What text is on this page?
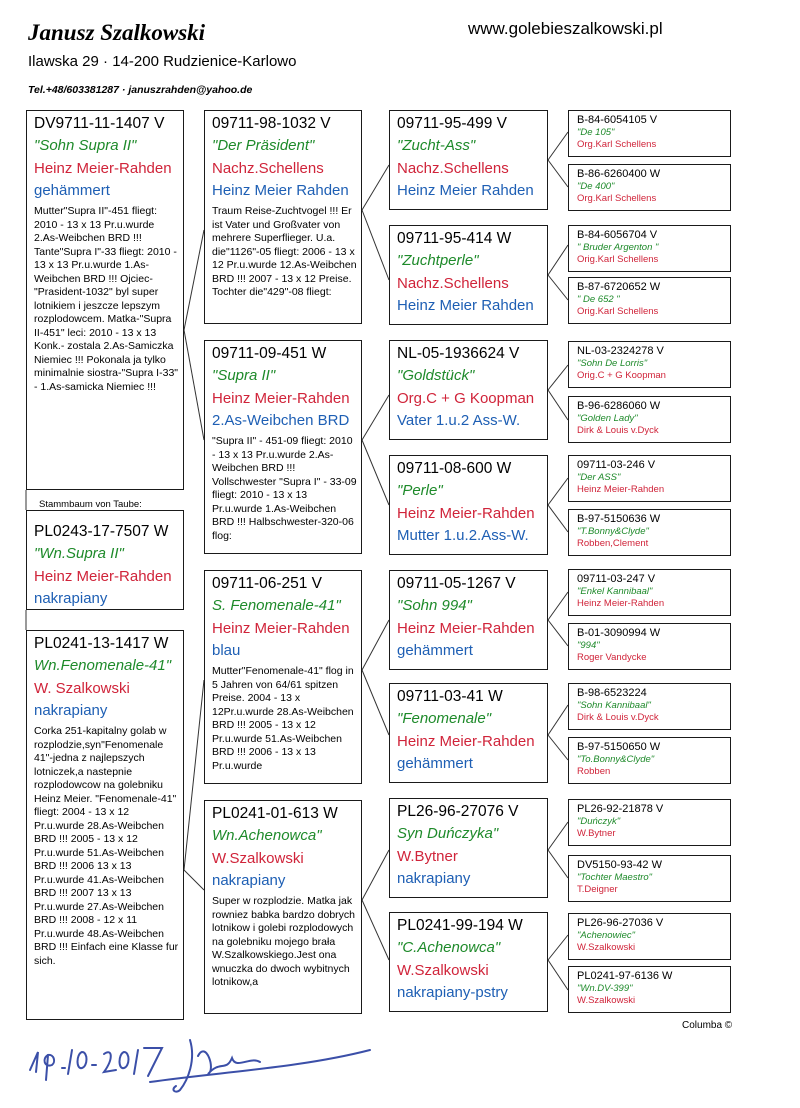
Janusz Szalkowski	www.golebieszalkowski.pl
Ilawska 29 · 14-200 Rudzienice-Karlowo
Tel.+48/603381287 · januszrahden@yahoo.de
DV9711-11-1407 V
"Sohn Supra II"
Heinz Meier-Rahden
gehämmert
Mutter"Supra II"-451 fliegt: 2010 - 13 x 13 Pr.u.wurde 2.As-Weibchen BRD !!! Tante"Supra I"-33 fliegt: 2010 - 13 x 13 Pr.u.wurde 1.As-Weibchen BRD !!! Ojciec-"Prasident-1032" byl super lotnikiem i jeszcze lepszym rozplodowcem. Matka-"Supra II-451" leci: 2010 - 13 x 13 Konk.- zostala 2.As-Samiczka Niemiec !!! Pokonala ja tylko minimalnie siostra-"Supra I-33" - 1.As-samicka Niemiec !!!
Stammbaum von Taube:
PL0243-17-7507 W
"Wn.Supra II"
Heinz Meier-Rahden
nakrapiany
PL0241-13-1417 W
Wn.Fenomenale-41"
W. Szalkowski
nakrapiany
Corka 251-kapitalny golab w rozplodzie,syn"Fenomenale 41"-jedna z najlepszych lotniczek,a nastepnie rozplodowcow na golebniku Heinz Meier. "Fenomenale-41" fliegt: 2004 - 13 x 12 Pr.u.wurde 28.As-Weibchen BRD !!! 2005 - 13 x 12 Pr.u.wurde 51.As-Weibchen BRD !!! 2006 13 x 13 Pr.u.wurde 41.As-Weibchen BRD !!! 2007 13 x 13 Pr.u.wurde 27.As-Weibchen BRD !!! 2008 - 12 x 11 Pr.u.wurde 48.As-Weibchen BRD !!! Einfach eine Klasse fur sich.
09711-98-1032 V
"Der Präsident"
Nachz.Schellens
Heinz Meier Rahden
Traum Reise-Zuchtvogel !!! Er ist Vater und Großvater von mehrere Superflieger. U.a. die"1126"-05 fliegt: 2006 - 13 x 12 Pr.u.wurde 12.As-Weibchen BRD !!! 2007 - 13 x 12 Preise. Tochter die"429"-08 fliegt:
09711-09-451 W
"Supra II"
Heinz Meier-Rahden
2.As-Weibchen BRD
"Supra II" - 451-09 fliegt: 2010 - 13 x 13 Pr.u.wurde 2.As-Weibchen BRD !!! Vollschwester "Supra I" - 33-09 fliegt: 2010 - 13 x 13 Pr.u.wurde 1.As-Weibchen BRD !!! Halbschwester-320-06 flog:
09711-06-251 V
S. Fenomenale-41"
Heinz Meier-Rahden
blau
Mutter"Fenomenale-41" flog in 5 Jahren von 64/61 spitzen Preise. 2004 - 13 x 12Pr.u.wurde 28.As-Weibchen BRD !!! 2005 - 13 x 12 Pr.u.wurde 51.As-Weibchen BRD !!! 2006 - 13 x 13 Pr.u.wurde
PL0241-01-613 W
Wn.Achenowca"
W.Szalkowski
nakrapiany
Super w rozplodzie. Matka jak rowniez babka bardzo dobrych lotnikow i golebi rozplodowych na golebniku mojego brała W.Szalkowskiego.Jest ona wnuczka do dwoch wybitnych lotnikow,a
09711-95-499 V
"Zucht-Ass"
Nachz.Schellens
Heinz Meier Rahden
09711-95-414 W
"Zuchtperle"
Nachz.Schellens
Heinz Meier Rahden
NL-05-1936624 V
"Goldstück"
Org.C + G Koopman
Vater 1.u.2 Ass-W.
09711-08-600 W
"Perle"
Heinz Meier-Rahden
Mutter 1.u.2.Ass-W.
09711-05-1267 V
"Sohn 994"
Heinz Meier-Rahden
gehämmert
09711-03-41 W
"Fenomenale"
Heinz Meier-Rahden
gehämmert
PL26-96-27076 V
Syn Duńczyka"
W.Bytner
nakrapiany
PL0241-99-194 W
"C.Achenowca"
W.Szalkowski
nakrapiany-pstry
B-84-6054105 V
"De 105"
Org.Karl Schellens
B-86-6260400 W
"De 400"
Org.Karl Schellens
B-84-6056704 V
" Bruder Argenton "
Orig.Karl Schellens
B-87-6720652 W
" De 652 "
Orig.Karl Schellens
NL-03-2324278 V
"Sohn De Lorris"
Orig.C + G Koopman
B-96-6286060 W
"Golden Lady"
Dirk & Louis v.Dyck
09711-03-246 V
"Der ASS"
Heinz Meier-Rahden
B-97-5150636 W
"T.Bonny&Clyde"
Robben,Clement
09711-03-247 V
"Enkel Kannibaal"
Heinz Meier-Rahden
B-01-3090994 W
"994"
Roger Vandycke
B-98-6523224
"Sohn Kannibaal"
Dirk & Louis v.Dyck
B-97-5150650 W
"To.Bonny&Clyde"
Robben
PL26-92-21878 V
"Duńczyk"
W.Bytner
DV5150-93-42 W
"Tochter Maestro"
T.Deigner
PL26-96-27036 V
"Achenowiec"
W.Szalkowski
PL0241-97-6136 W
"Wn.DV-399"
W.Szalkowski
Columba ©
